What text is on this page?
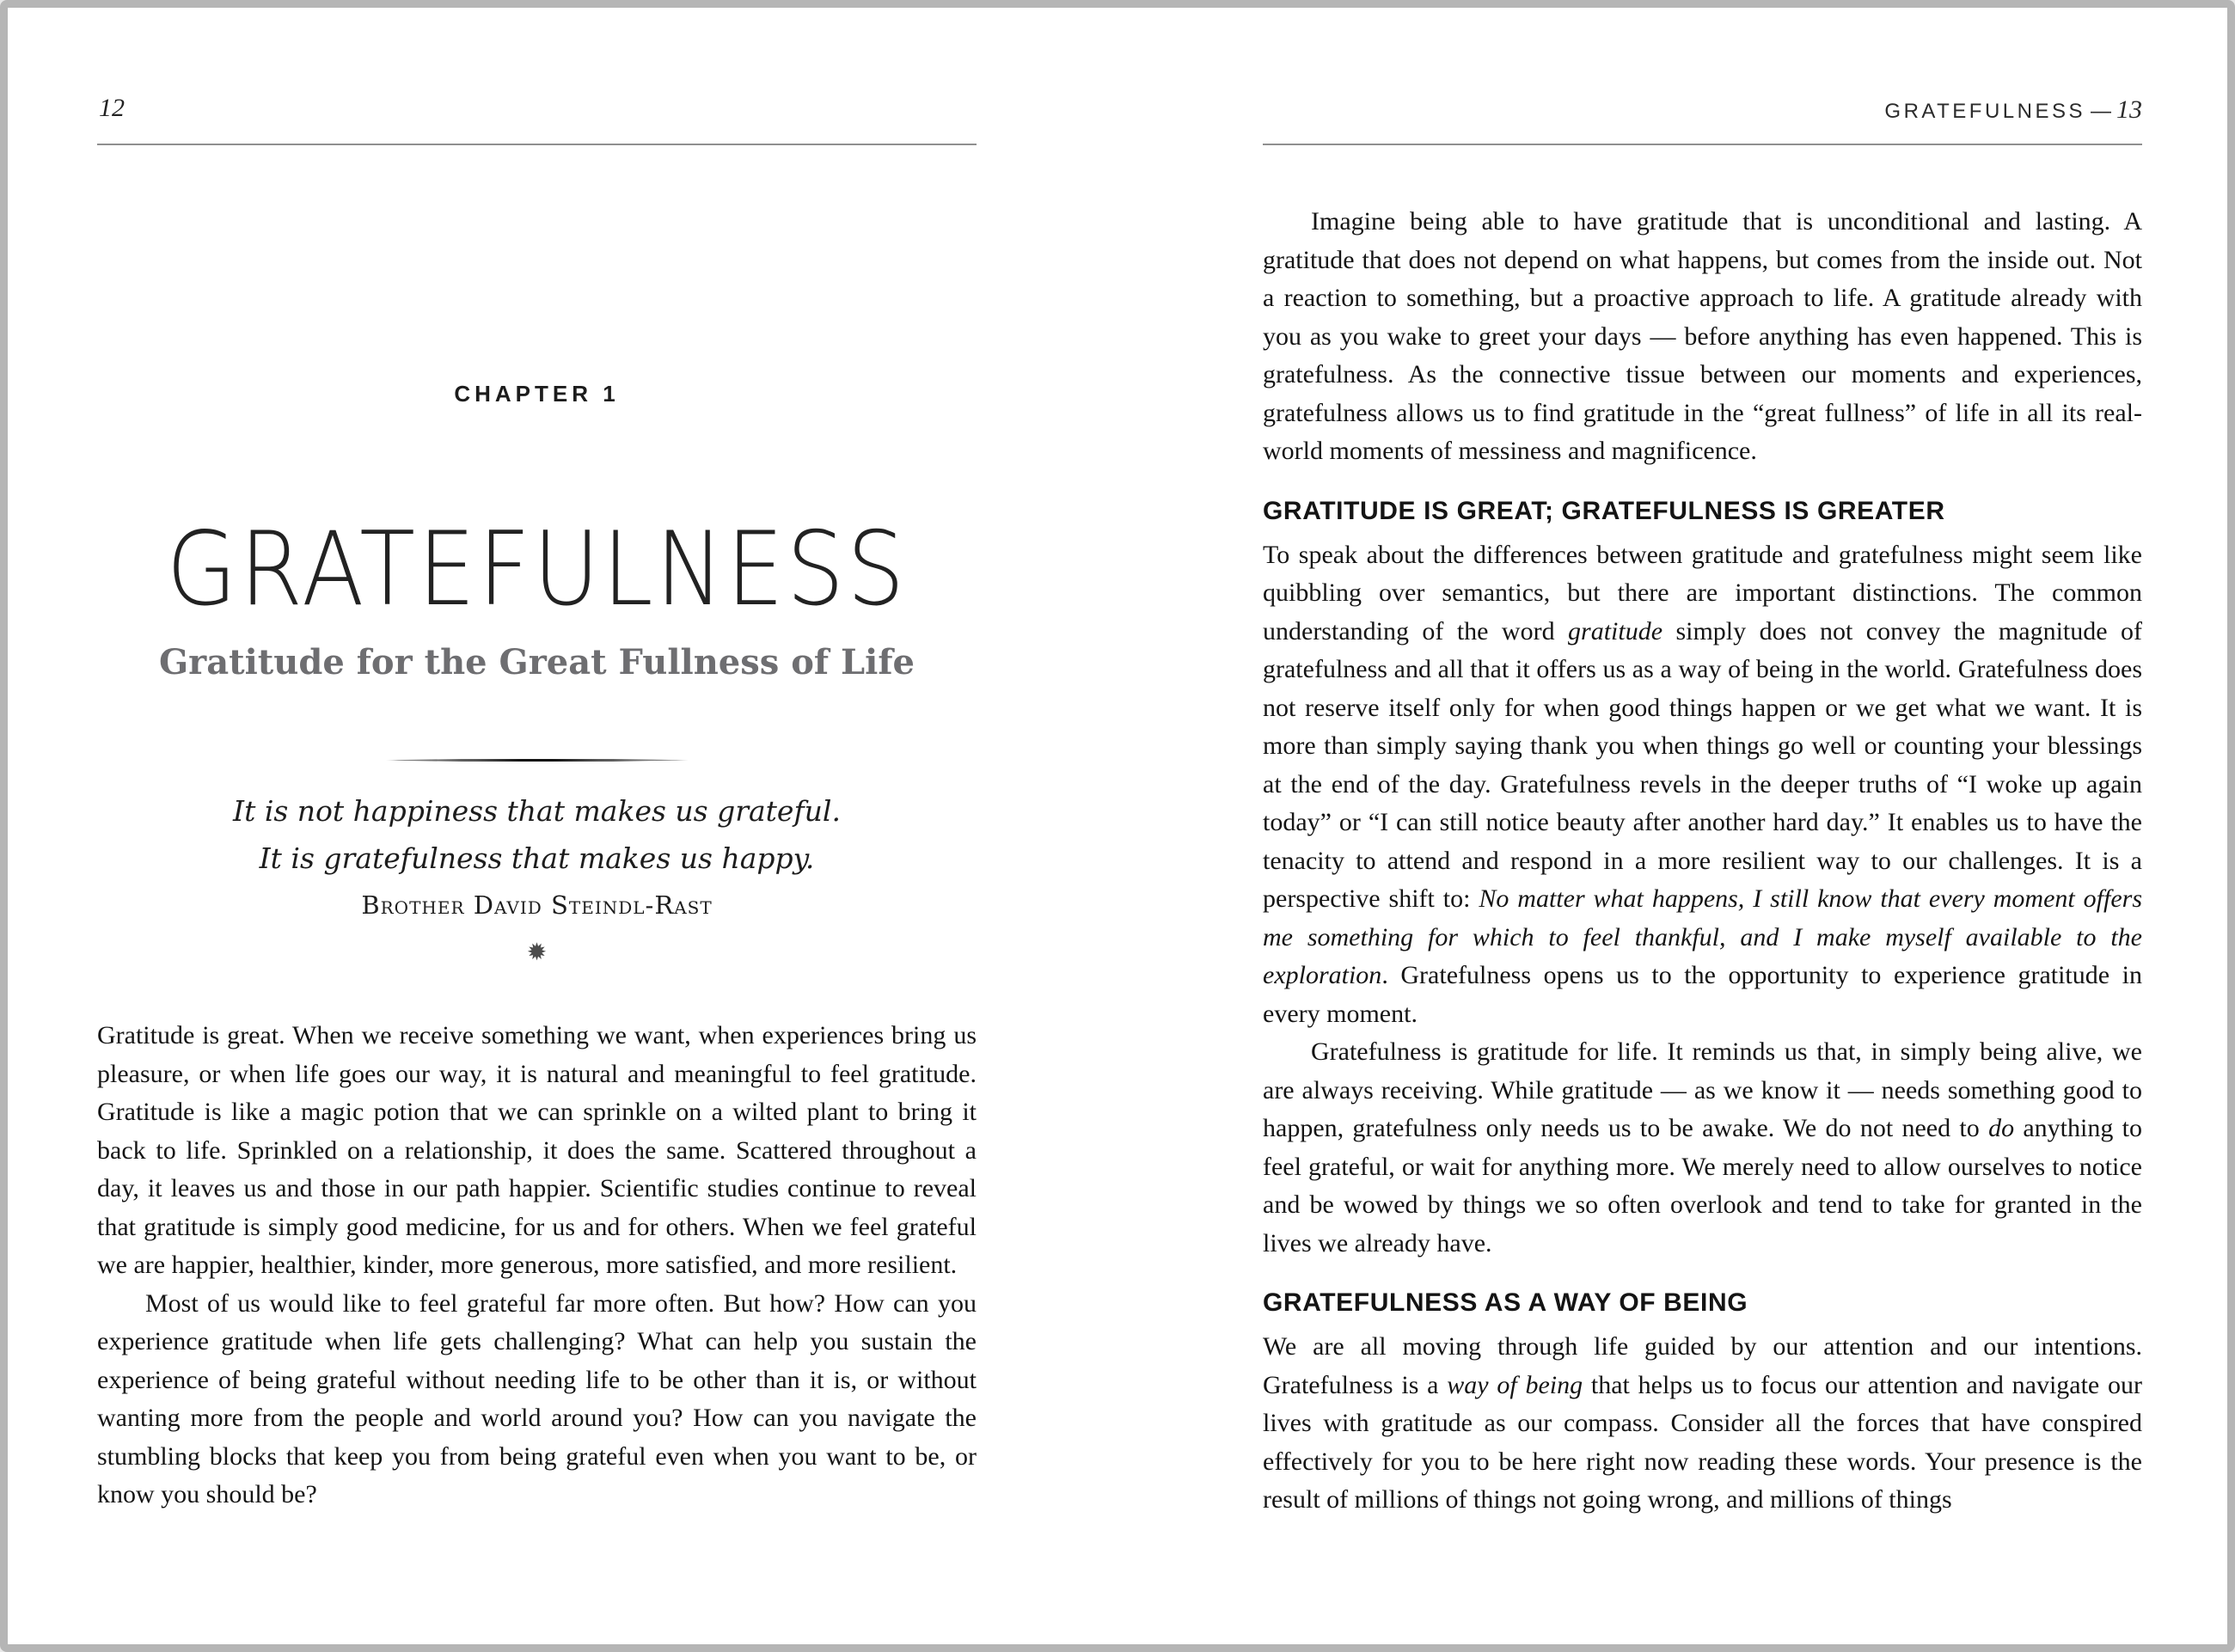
12
CHAPTER 1
GRATEFULNESS
Gratitude for the Great Fullness of Life
It is not happiness that makes us grateful.
It is gratefulness that makes us happy.
Brother David Steindl-Rast
✹

Gratitude is great. When we receive something we want, when experiences bring us pleasure, or when life goes our way, it is natural and meaningful to feel gratitude. Gratitude is like a magic potion that we can sprinkle on a wilted plant to bring it back to life. Sprinkled on a relationship, it does the same. Scattered throughout a day, it leaves us and those in our path happier. Scientific studies continue to reveal that gratitude is simply good medicine, for us and for others. When we feel grateful we are happier, healthier, kinder, more generous, more satisfied, and more resilient.

Most of us would like to feel grateful far more often. But how? How can you experience gratitude when life gets challenging? What can help you sustain the experience of being grateful without needing life to be other than it is, or without wanting more from the people and world around you? How can you navigate the stumbling blocks that keep you from being grateful even when you want to be, or know you should be?

GRATEFULNESS — 13

Imagine being able to have gratitude that is unconditional and lasting. A gratitude that does not depend on what happens, but comes from the inside out. Not a reaction to something, but a proactive approach to life. A gratitude already with you as you wake to greet your days — before anything has even happened. This is gratefulness. As the connective tissue between our moments and experiences, gratefulness allows us to find gratitude in the “great fullness” of life in all its real-world moments of messiness and magnificence.

GRATITUDE IS GREAT; GRATEFULNESS IS GREATER

To speak about the differences between gratitude and gratefulness might seem like quibbling over semantics, but there are important distinctions. The common understanding of the word gratitude simply does not convey the magnitude of gratefulness and all that it offers us as a way of being in the world. Gratefulness does not reserve itself only for when good things happen or we get what we want. It is more than simply saying thank you when things go well or counting your blessings at the end of the day. Gratefulness revels in the deeper truths of “I woke up again today” or “I can still notice beauty after another hard day.” It enables us to have the tenacity to attend and respond in a more resilient way to our challenges. It is a perspective shift to: No matter what happens, I still know that every moment offers me something for which to feel thankful, and I make myself available to the exploration. Gratefulness opens us to the opportunity to experience gratitude in every moment.

Gratefulness is gratitude for life. It reminds us that, in simply being alive, we are always receiving. While gratitude — as we know it — needs something good to happen, gratefulness only needs us to be awake. We do not need to do anything to feel grateful, or wait for anything more. We merely need to allow ourselves to notice and be wowed by things we so often overlook and tend to take for granted in the lives we already have.

GRATEFULNESS AS A WAY OF BEING

We are all moving through life guided by our attention and our intentions. Gratefulness is a way of being that helps us to focus our attention and navigate our lives with gratitude as our compass. Consider all the forces that have conspired effectively for you to be here right now reading these words. Your presence is the result of millions of things not going wrong, and millions of things
